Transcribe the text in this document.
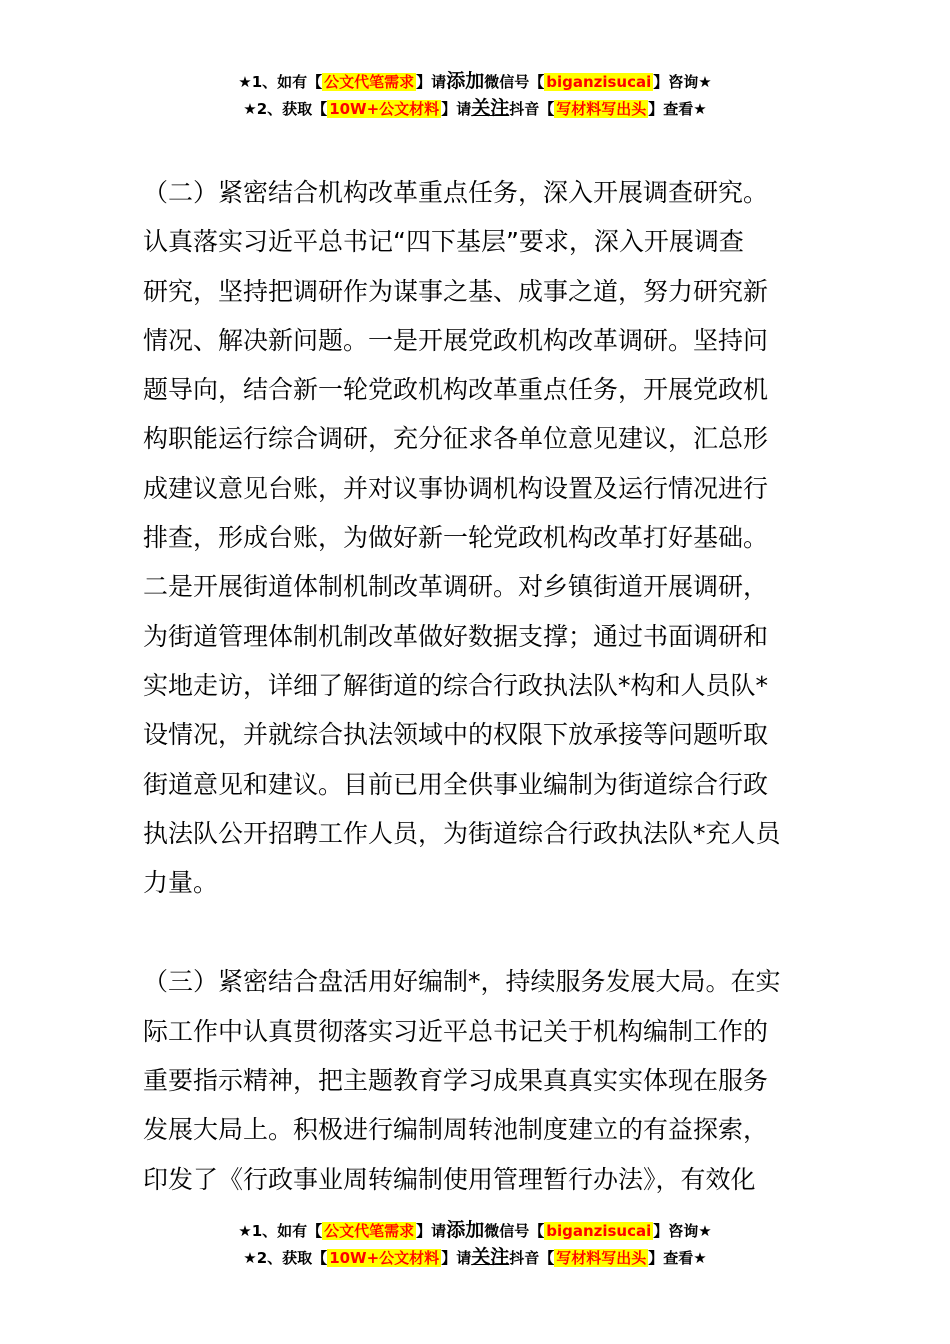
★1、如有【 公文代笔需求 】请添加微信号【 biganzisucai 】咨询★
★2、获取【 10W+公文材料 】请关注抖音【 写材料写出头 】查看★

（二）紧密结合机构改革重点任务，深入开展调查研究。
认真落实习近平总书记“四下基层”要求，深入开展调查
研究，坚持把调研作为谋事之基、成事之道，努力研究新
情况、解决新问题。一是开展党政机构改革调研。坚持问
题导向，结合新一轮党政机构改革重点任务，开展党政机
构职能运行综合调研，充分征求各单位意见建议，汇总形
成建议意见台账，并对议事协调机构设置及运行情况进行
排查，形成台账，为做好新一轮党政机构改革打好基础。
二是开展街道体制机制改革调研。对乡镇街道开展调研，
为街道管理体制机制改革做好数据支撑；通过书面调研和
实地走访，详细了解街道的综合行政执法队*构和人员队*
设情况，并就综合执法领域中的权限下放承接等问题听取
街道意见和建议。目前已用全供事业编制为街道综合行政
执法队公开招聘工作人员，为街道综合行政执法队*充人员
力量。

（三）紧密结合盘活用好编制*，持续服务发展大局。在实
际工作中认真贯彻落实习近平总书记关于机构编制工作的
重要指示精神，把主题教育学习成果真真实实体现在服务
发展大局上。积极进行编制周转池制度建立的有益探索，
印发了《行政事业周转编制使用管理暂行办法》，有效化

★1、如有【 公文代笔需求 】请添加微信号【 biganzisucai 】咨询★
★2、获取【 10W+公文材料 】请关注抖音【 写材料写出头 】查看★
